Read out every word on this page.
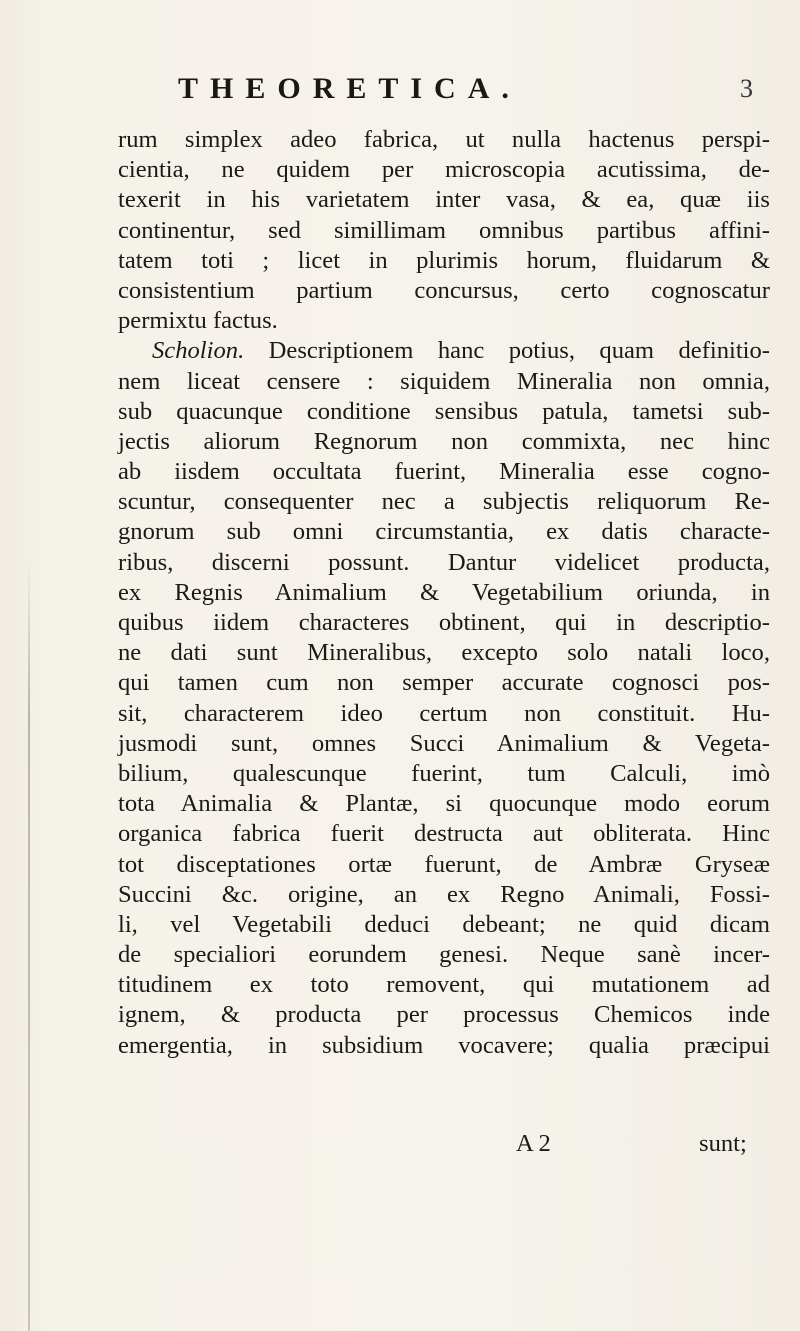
THEORETICA.	3
rum simplex adeo fabrica, ut nulla hactenus perspi-
cientia, ne quidem per microscopia acutissima, de-
texerit in his varietatem inter vasa, & ea, quæ iis
continentur, sed simillimam omnibus partibus affini-
tatem toti ; licet in plurimis horum, fluidarum &
consistentium partium concursus, certo cognoscatur
permixtu factus.
Scholion. Descriptionem hanc potius, quam definitio-
nem liceat censere : siquidem Mineralia non omnia,
sub quacunque conditione sensibus patula, tametsi sub-
jectis aliorum Regnorum non commixta, nec hinc
ab iisdem occultata fuerint, Mineralia esse cogno-
scuntur, consequenter nec a subjectis reliquorum Re-
gnorum sub omni circumstantia, ex datis characte-
ribus, discerni possunt. Dantur videlicet producta,
ex Regnis Animalium & Vegetabilium oriunda, in
quibus iidem characteres obtinent, qui in descriptio-
ne dati sunt Mineralibus, excepto solo natali loco,
qui tamen cum non semper accurate cognosci pos-
sit, characterem ideo certum non constituit. Hu-
jusmodi sunt, omnes Succi Animalium & Vegeta-
bilium, qualescunque fuerint, tum Calculi, imò
tota Animalia & Plantæ, si quocunque modo eorum
organica fabrica fuerit destructa aut obliterata. Hinc
tot disceptationes ortæ fuerunt, de Ambræ Gryseæ
Succini &c. origine, an ex Regno Animali, Fossi-
li, vel Vegetabili deduci debeant; ne quid dicam
de specialiori eorundem genesi. Neque sanè incer-
titudinem ex toto removent, qui mutationem ad
ignem, & producta per processus Chemicos inde
emergentia, in subsidium vocavere; qualia præcipui
A 2	sunt;
